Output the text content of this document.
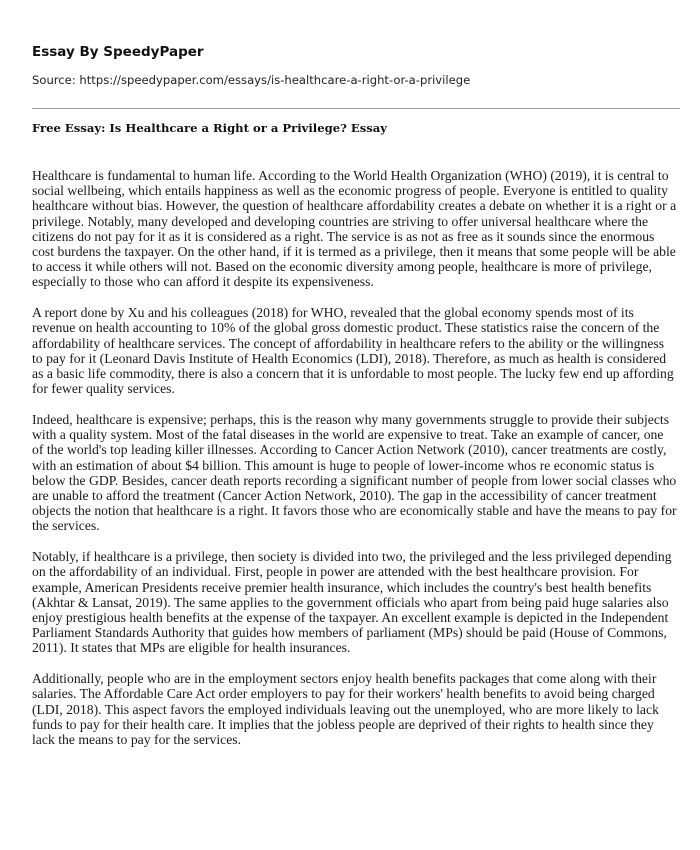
Essay By SpeedyPaper
Source: https://speedypaper.com/essays/is-healthcare-a-right-or-a-privilege
Free Essay: Is Healthcare a Right or a Privilege? Essay

Healthcare is fundamental to human life. According to the World Health Organization (WHO) (2019), it is central to social wellbeing, which entails happiness as well as the economic progress of people. Everyone is entitled to quality healthcare without bias. However, the question of healthcare affordability creates a debate on whether it is a right or a privilege. Notably, many developed and developing countries are striving to offer universal healthcare where the citizens do not pay for it as it is considered as a right. The service is as not as free as it sounds since the enormous cost burdens the taxpayer. On the other hand, if it is termed as a privilege, then it means that some people will be able to access it while others will not. Based on the economic diversity among people, healthcare is more of privilege, especially to those who can afford it despite its expensiveness.

A report done by Xu and his colleagues (2018) for WHO, revealed that the global economy spends most of its revenue on health accounting to 10% of the global gross domestic product. These statistics raise the concern of the affordability of healthcare services. The concept of affordability in healthcare refers to the ability or the willingness to pay for it (Leonard Davis Institute of Health Economics (LDI), 2018). Therefore, as much as health is considered as a basic life commodity, there is also a concern that it is unfordable to most people. The lucky few end up affording for fewer quality services.

Indeed, healthcare is expensive; perhaps, this is the reason why many governments struggle to provide their subjects with a quality system. Most of the fatal diseases in the world are expensive to treat. Take an example of cancer, one of the world's top leading killer illnesses. According to Cancer Action Network (2010), cancer treatments are costly, with an estimation of about $4 billion. This amount is huge to people of lower-income whos re economic status is below the GDP. Besides, cancer death reports recording a significant number of people from lower social classes who are unable to afford the treatment (Cancer Action Network, 2010). The gap in the accessibility of cancer treatment objects the notion that healthcare is a right. It favors those who are economically stable and have the means to pay for the services.

Notably, if healthcare is a privilege, then society is divided into two, the privileged and the less privileged depending on the affordability of an individual. First, people in power are attended with the best healthcare provision. For example, American Presidents receive premier health insurance, which includes the country's best health benefits (Akhtar & Lansat, 2019). The same applies to the government officials who apart from being paid huge salaries also enjoy prestigious health benefits at the expense of the taxpayer. An excellent example is depicted in the Independent Parliament Standards Authority that guides how members of parliament (MPs) should be paid (House of Commons, 2011). It states that MPs are eligible for health insurances.

Additionally, people who are in the employment sectors enjoy health benefits packages that come along with their salaries. The Affordable Care Act order employers to pay for their workers' health benefits to avoid being charged (LDI, 2018). This aspect favors the employed individuals leaving out the unemployed, who are more likely to lack funds to pay for their health care. It implies that the jobless people are deprived of their rights to health since they lack the means to pay for the services.
